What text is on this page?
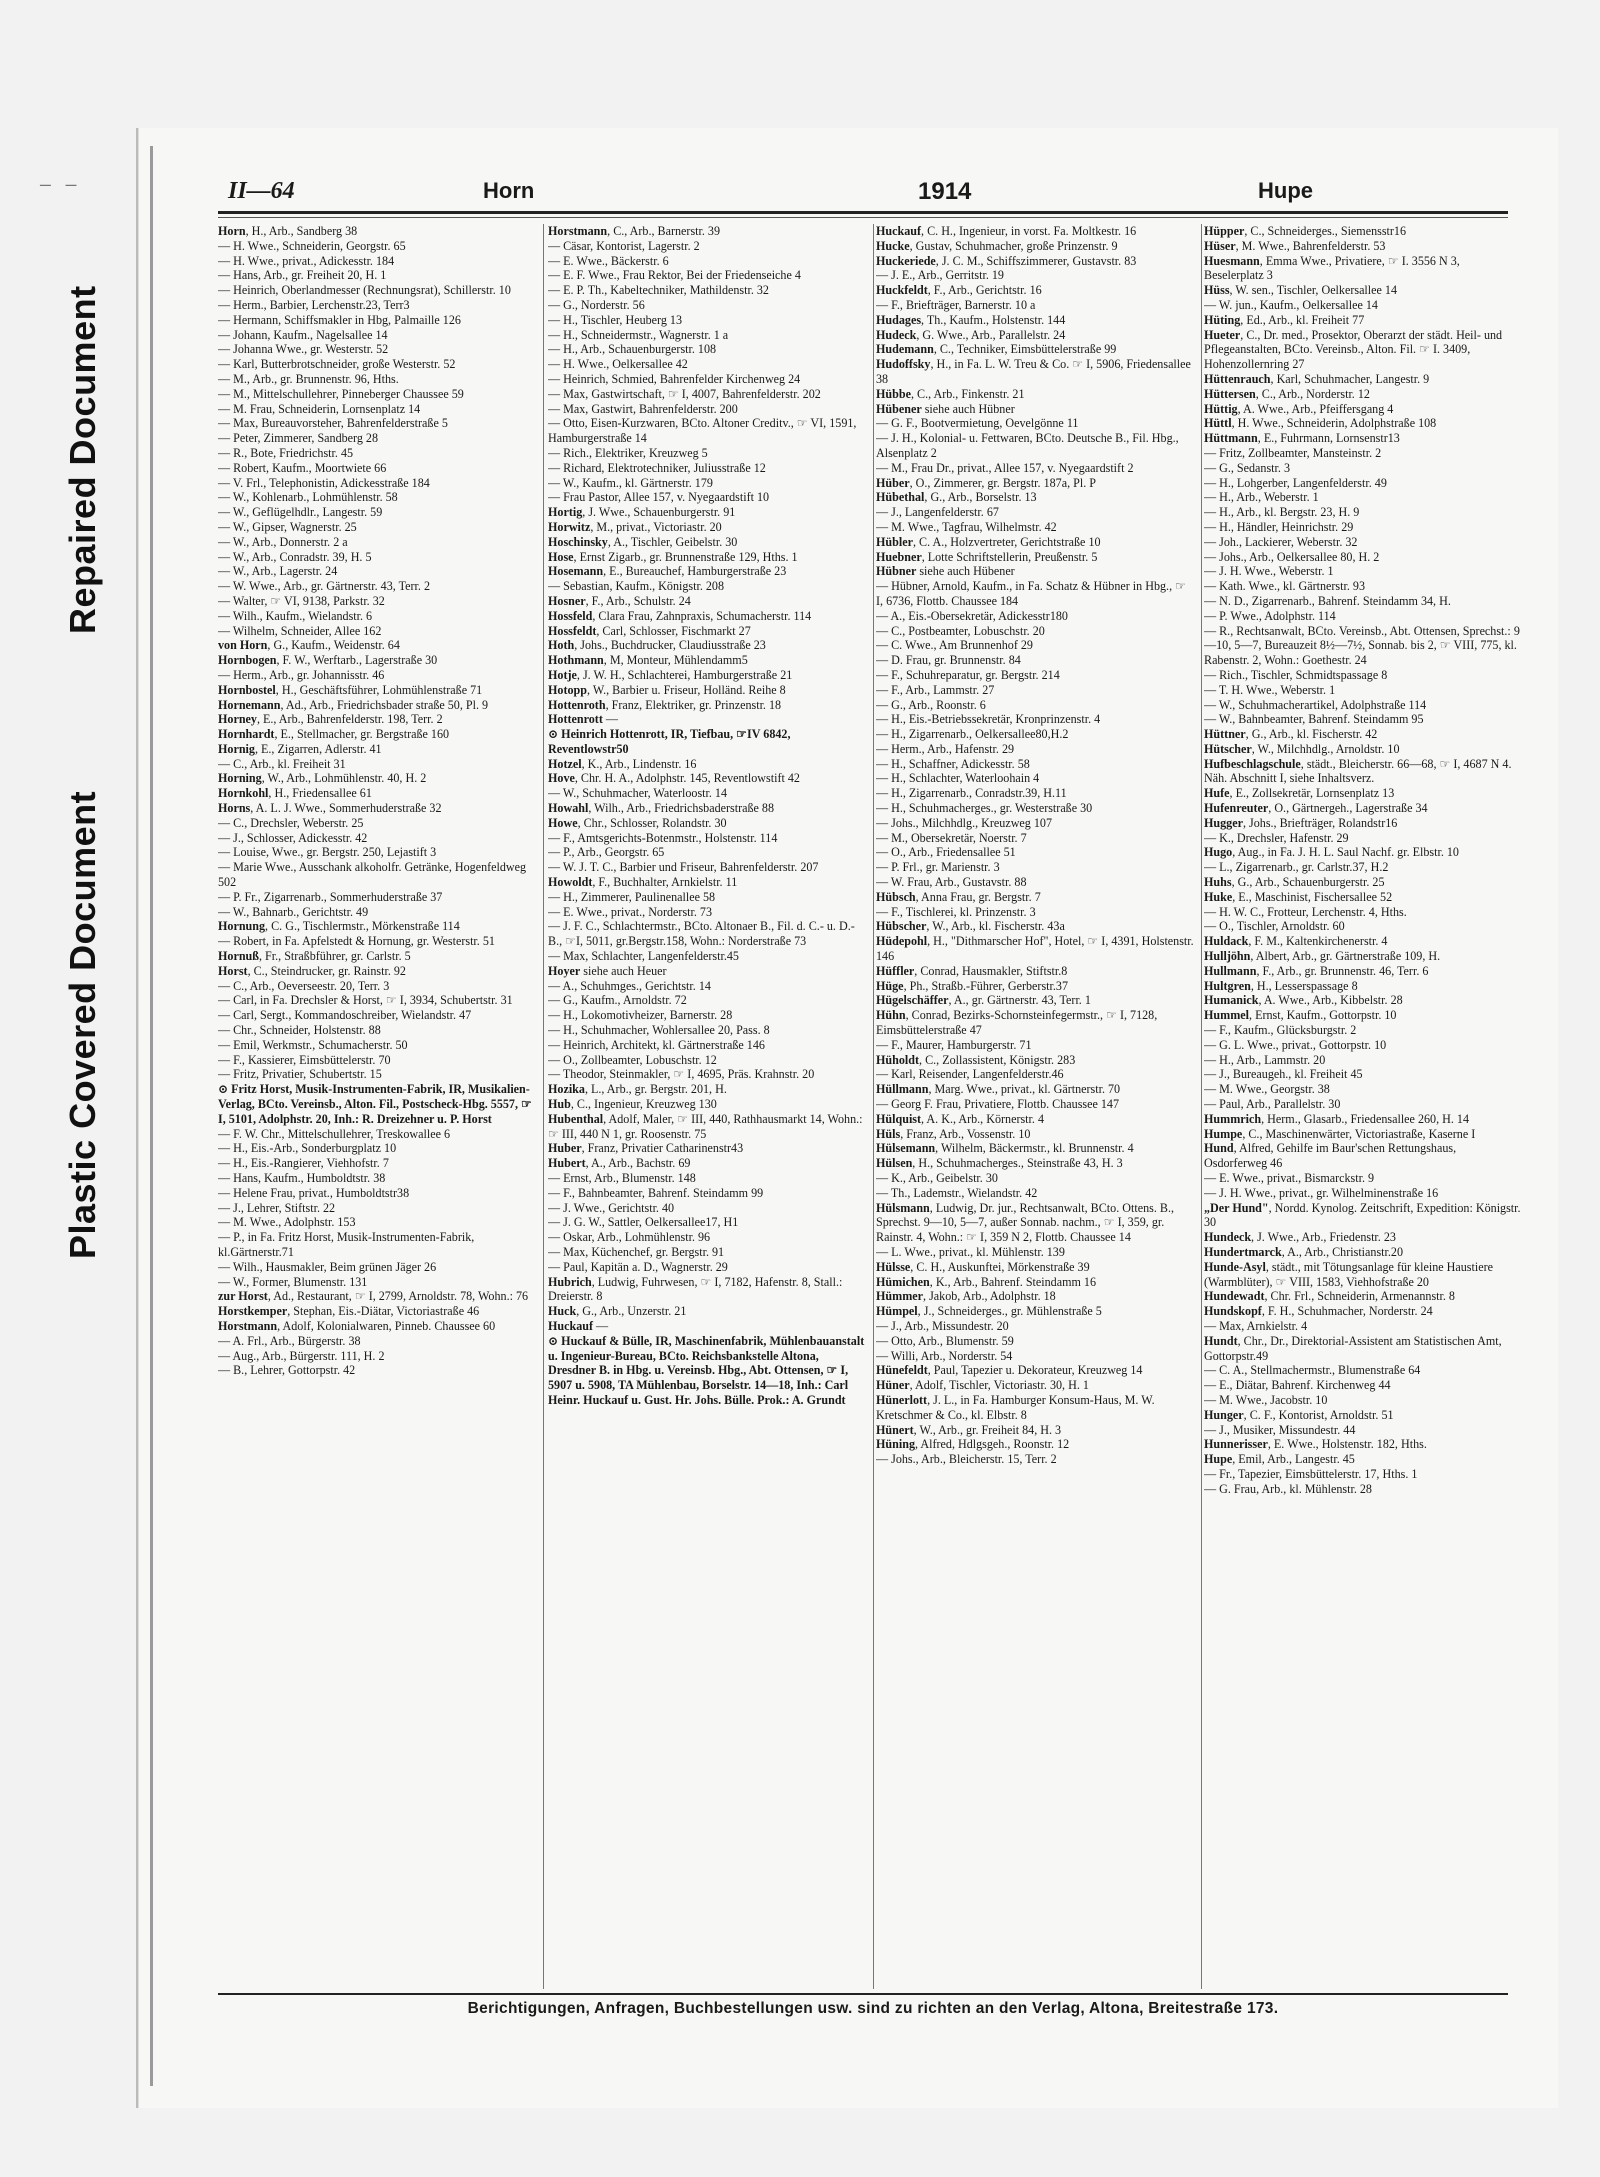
— —
Repaired Document
Plastic Covered Document
II—64	Horn	1914	Hupe
Horn, H., Arb., Sandberg 38
— H. Wwe., Schneiderin, Georgstr. 65
— H. Wwe., privat., Adickesstr. 184
— Hans, Arb., gr. Freiheit 20, H. 1
— Heinrich, Oberlandmesser (Rechnungsrat), Schillerstr. 10
— Herm., Barbier, Lerchenstr.23, Terr3
— Hermann, Schiffsmakler in Hbg, Palmaille 126
— Johann, Kaufm., Nagelsallee 14
— Johanna Wwe., gr. Westerstr. 52
— Karl, Butterbrotschneider, große Westerstr. 52
— M., Arb., gr. Brunnenstr. 96, Hths.
— M., Mittelschullehrer, Pinneberger Chaussee 59
— M. Frau, Schneiderin, Lornsenplatz 14
— Max, Bureauvorsteher, Bahrenfelderstraße 5
— Peter, Zimmerer, Sandberg 28
— R., Bote, Friedrichstr. 45
— Robert, Kaufm., Moortwiete 66
— V. Frl., Telephonistin, Adickesstraße 184
— W., Kohlenarb., Lohmühlenstr. 58
— W., Geflügelhdlr., Langestr. 59
— W., Gipser, Wagnerstr. 25
— W., Arb., Donnerstr. 2 a
— W., Arb., Conradstr. 39, H. 5
— W., Arb., Lagerstr. 24
— W. Wwe., Arb., gr. Gärtnerstr. 43, Terr. 2
— Walter, ☞ VI, 9138, Parkstr. 32
— Wilh., Kaufm., Wielandstr. 6
— Wilhelm, Schneider, Allee 162
von Horn, G., Kaufm., Weidenstr. 64
Hornbogen, F. W., Werftarb., Lagerstraße 30
— Herm., Arb., gr. Johannisstr. 46
Hornbostel, H., Geschäftsführer, Lohmühlenstraße 71
Hornemann, Ad., Arb., Friedrichsbader straße 50, Pl. 9
Horney, E., Arb., Bahrenfelderstr. 198, Terr. 2
Hornhardt, E., Stellmacher, gr. Bergstraße 160
Hornig, E., Zigarren, Adlerstr. 41
— C., Arb., kl. Freiheit 31
Horning, W., Arb., Lohmühlenstr. 40, H. 2
Hornkohl, H., Friedensallee 61
Horns, A. L. J. Wwe., Sommerhuderstraße 32
— C., Drechsler, Weberstr. 25
— J., Schlosser, Adickesstr. 42
— Louise, Wwe., gr. Bergstr. 250, Lejastift 3
— Marie Wwe., Ausschank alkoholfr. Getränke, Hogenfeldweg 502
— P. Fr., Zigarrenarb., Sommerhuderstraße 37
— W., Bahnarb., Gerichtstr. 49
Hornung, C. G., Tischlermstr., Mörkenstraße 114
— Robert, in Fa. Apfelstedt & Hornung, gr. Westerstr. 51
Hornuß, Fr., Straßbführer, gr. Carlstr. 5
Horst, C., Steindrucker, gr. Rainstr. 92
— C., Arb., Oeverseestr. 20, Terr. 3
— Carl, in Fa. Drechsler & Horst, ☞ I, 3934, Schubertstr. 31
— Carl, Sergt., Kommandoschreiber, Wielandstr. 47
— Chr., Schneider, Holstenstr. 88
— Emil, Werkmstr., Schumacherstr. 50
— F., Kassierer, Eimsbüttelerstr. 70
— Fritz, Privatier, Schubertstr. 15
⊙ Fritz Horst, Musik-Instrumenten-Fabrik, IR, Musikalien-Verlag, BCto. Vereinsb., Alton. Fil., Postscheck-Hbg. 5557, ☞ I, 5101, Adolphstr. 20, Inh.: R. Dreizehner u. P. Horst
— F. W. Chr., Mittelschullehrer, Treskowallee 6
— H., Eis.-Arb., Sonderburgplatz 10
— H., Eis.-Rangierer, Viehhofstr. 7
— Hans, Kaufm., Humboldtstr. 38
— Helene Frau, privat., Humboldtstr38
— J., Lehrer, Stiftstr. 22
— M. Wwe., Adolphstr. 153
— P., in Fa. Fritz Horst, Musik-Instrumenten-Fabrik, kl.Gärtnerstr.71
— Wilh., Hausmakler, Beim grünen Jäger 26
— W., Former, Blumenstr. 131
zur Horst, Ad., Restaurant, ☞ I, 2799, Arnoldstr. 78, Wohn.: 76
Horstkemper, Stephan, Eis.-Diätar, Victoriastraße 46
Horstmann, Adolf, Kolonialwaren, Pinneb. Chaussee 60
— A. Frl., Arb., Bürgerstr. 38
— Aug., Arb., Bürgerstr. 111, H. 2
— B., Lehrer, Gottorpstr. 42
Horstmann, C., Arb., Barnerstr. 39
— Cäsar, Kontorist, Lagerstr. 2
— E. Wwe., Bäckerstr. 6
— E. F. Wwe., Frau Rektor, Bei der Friedenseiche 4
— E. P. Th., Kabeltechniker, Mathildenstr. 32
— G., Norderstr. 56
— H., Tischler, Heuberg 13
— H., Schneidermstr., Wagnerstr. 1 a
— H., Arb., Schauenburgerstr. 108
— H. Wwe., Oelkersallee 42
— Heinrich, Schmied, Bahrenfelder Kirchenweg 24
— Max, Gastwirtschaft, ☞ I, 4007, Bahrenfelderstr. 202
— Max, Gastwirt, Bahrenfelderstr. 200
— Otto, Eisen-Kurzwaren, BCto. Altoner Creditv., ☞ VI, 1591, Hamburgerstraße 14
— Rich., Elektriker, Kreuzweg 5
— Richard, Elektrotechniker, Juliusstraße 12
— W., Kaufm., kl. Gärtnerstr. 179
— Frau Pastor, Allee 157, v. Nyegaardstift 10
Hortig, J. Wwe., Schauenburgerstr. 91
Horwitz, M., privat., Victoriastr. 20
Hoschinsky, A., Tischler, Geibelstr. 30
Hose, Ernst Zigarb., gr. Brunnenstraße 129, Hths. 1
Hosemann, E., Bureauchef, Hamburgerstraße 23
— Sebastian, Kaufm., Königstr. 208
Hosner, F., Arb., Schulstr. 24
Hossfeld, Clara Frau, Zahnpraxis, Schumacherstr. 114
Hossfeldt, Carl, Schlosser, Fischmarkt 27
Hoth, Johs., Buchdrucker, Claudiusstraße 23
Hothmann, M, Monteur, Mühlendamm5
Hotje, J. W. H., Schlachterei, Hamburgerstraße 21
Hotopp, W., Barbier u. Friseur, Holländ. Reihe 8
Hottenroth, Franz, Elektriker, gr. Prinzenstr. 18
Hottenrott —
⊙ Heinrich Hottenrott, IR, Tiefbau, ☞IV 6842, Reventlowstr50
Hotzel, K., Arb., Lindenstr. 16
Hove, Chr. H. A., Adolphstr. 145, Reventlowstift 42
— W., Schuhmacher, Waterloostr. 14
Howahl, Wilh., Arb., Friedrichsbaderstraße 88
Howe, Chr., Schlosser, Rolandstr. 30
— F., Amtsgerichts-Botenmstr., Holstenstr. 114
— P., Arb., Georgstr. 65
— W. J. T. C., Barbier und Friseur, Bahrenfelderstr. 207
Howoldt, F., Buchhalter, Arnkielstr. 11
— H., Zimmerer, Paulinenallee 58
— E. Wwe., privat., Norderstr. 73
— J. F. C., Schlachtermstr., BCto. Altonaer B., Fil. d. C.- u. D.-B., ☞I, 5011, gr.Bergstr.158, Wohn.: Norderstraße 73
— Max, Schlachter, Langenfelderstr.45
Hoyer siehe auch Heuer
— A., Schuhmges., Gerichtstr. 14
— G., Kaufm., Arnoldstr. 72
— H., Lokomotivheizer, Barnerstr. 28
— H., Schuhmacher, Wohlersallee 20, Pass. 8
— Heinrich, Architekt, kl. Gärtnerstraße 146
— O., Zollbeamter, Lobuschstr. 12
— Theodor, Steinmakler, ☞ I, 4695, Präs. Krahnstr. 20
Hozika, L., Arb., gr. Bergstr. 201, H.
Hub, C., Ingenieur, Kreuzweg 130
Hubenthal, Adolf, Maler, ☞ III, 440, Rathhausmarkt 14, Wohn.: ☞ III, 440 N 1, gr. Roosenstr. 75
Huber, Franz, Privatier Catharinenstr43
Hubert, A., Arb., Bachstr. 69
— Ernst, Arb., Blumenstr. 148
— F., Bahnbeamter, Bahrenf. Steindamm 99
— J. Wwe., Gerichtstr. 40
— J. G. W., Sattler, Oelkersallee17, H1
— Oskar, Arb., Lohmühlenstr. 96
— Max, Küchenchef, gr. Bergstr. 91
— Paul, Kapitän a. D., Wagnerstr. 29
Hubrich, Ludwig, Fuhrwesen, ☞ I, 7182, Hafenstr. 8, Stall.: Dreierstr. 8
Huck, G., Arb., Unzerstr. 21
Huckauf —
⊙ Huckauf & Bülle, IR, Maschinenfabrik, Mühlenbauanstalt u. Ingenieur-Bureau, BCto. Reichsbankstelle Altona, Dresdner B. in Hbg. u. Vereinsb. Hbg., Abt. Ottensen, ☞ I, 5907 u. 5908, TA Mühlenbau, Borselstr. 14—18, Inh.: Carl Heinr. Huckauf u. Gust. Hr. Johs. Bülle. Prok.: A. Grundt
Huckauf, C. H., Ingenieur, in vorst. Fa. Moltkestr. 16
Hucke, Gustav, Schuhmacher, große Prinzenstr. 9
Huckeriede, J. C. M., Schiffszimmerer, Gustavstr. 83
— J. E., Arb., Gerritstr. 19
Huckfeldt, F., Arb., Gerichtstr. 16
— F., Briefträger, Barnerstr. 10 a
Hudages, Th., Kaufm., Holstenstr. 144
Hudeck, G. Wwe., Arb., Parallelstr. 24
Hudemann, C., Techniker, Eimsbüttelerstraße 99
Hudoffsky, H., in Fa. L. W. Treu & Co. ☞ I, 5906, Friedensallee 38
Hübbe, C., Arb., Finkenstr. 21
Hübener siehe auch Hübner
— G. F., Bootvermietung, Oevelgönne 11
— J. H., Kolonial- u. Fettwaren, BCto. Deutsche B., Fil. Hbg., Alsenplatz 2
— M., Frau Dr., privat., Allee 157, v. Nyegaardstift 2
Hüber, O., Zimmerer, gr. Bergstr. 187a, Pl. P
Hübethal, G., Arb., Borselstr. 13
— J., Langenfelderstr. 67
— M. Wwe., Tagfrau, Wilhelmstr. 42
Hübler, C. A., Holzvertreter, Gerichtstraße 10
Huebner, Lotte Schriftstellerin, Preußenstr. 5
Hübner siehe auch Hübener
— Hübner, Arnold, Kaufm., in Fa. Schatz & Hübner in Hbg., ☞ I, 6736, Flottb. Chaussee 184
— A., Eis.-Obersekretär, Adickesstr180
— C., Postbeamter, Lobuschstr. 20
— C. Wwe., Am Brunnenhof 29
— D. Frau, gr. Brunnenstr. 84
— F., Schuhreparatur, gr. Bergstr. 214
— F., Arb., Lammstr. 27
— G., Arb., Roonstr. 6
— H., Eis.-Betriebssekretär, Kronprinzenstr. 4
— H., Zigarrenarb., Oelkersallee80,H.2
— Herm., Arb., Hafenstr. 29
— H., Schaffner, Adickesstr. 58
— H., Schlachter, Waterloohain 4
— H., Zigarrenarb., Conradstr.39, H.11
— H., Schuhmacherges., gr. Westerstraße 30
— Johs., Milchhdlg., Kreuzweg 107
— M., Obersekretär, Noerstr. 7
— O., Arb., Friedensallee 51
— P. Frl., gr. Marienstr. 3
— W. Frau, Arb., Gustavstr. 88
Hübsch, Anna Frau, gr. Bergstr. 7
— F., Tischlerei, kl. Prinzenstr. 3
Hübscher, W., Arb., kl. Fischerstr. 43a
Hüdepohl, H., "Dithmarscher Hof", Hotel, ☞ I, 4391, Holstenstr. 146
Hüffler, Conrad, Hausmakler, Stiftstr.8
Hüge, Ph., Straßb.-Führer, Gerberstr.37
Hügelschäffer, A., gr. Gärtnerstr. 43, Terr. 1
Hühn, Conrad, Bezirks-Schornsteinfegermstr., ☞ I, 7128, Eimsbüttelerstraße 47
— F., Maurer, Hamburgerstr. 71
Hüholdt, C., Zollassistent, Königstr. 283
— Karl, Reisender, Langenfelderstr.46
Hüllmann, Marg. Wwe., privat., kl. Gärtnerstr. 70
— Georg F. Frau, Privatiere, Flottb. Chaussee 147
Hülquist, A. K., Arb., Körnerstr. 4
Hüls, Franz, Arb., Vossenstr. 10
Hülsemann, Wilhelm, Bäckermstr., kl. Brunnenstr. 4
Hülsen, H., Schuhmacherges., Steinstraße 43, H. 3
— K., Arb., Geibelstr. 30
— Th., Lademstr., Wielandstr. 42
Hülsmann, Ludwig, Dr. jur., Rechtsanwalt, BCto. Ottens. B., Sprechst. 9—10, 5—7, außer Sonnab. nachm., ☞ I, 359, gr. Rainstr. 4, Wohn.: ☞ I, 359 N 2, Flottb. Chaussee 14
— L. Wwe., privat., kl. Mühlenstr. 139
Hülsse, C. H., Auskunftei, Mörkenstraße 39
Hümichen, K., Arb., Bahrenf. Steindamm 16
Hümmer, Jakob, Arb., Adolphstr. 18
Hümpel, J., Schneiderges., gr. Mühlenstraße 5
— J., Arb., Missundestr. 20
— Otto, Arb., Blumenstr. 59
— Willi, Arb., Norderstr. 54
Hünefeldt, Paul, Tapezier u. Dekorateur, Kreuzweg 14
Hüner, Adolf, Tischler, Victoriastr. 30, H. 1
Hünerlott, J. L., in Fa. Hamburger Konsum-Haus, M. W. Kretschmer & Co., kl. Elbstr. 8
Hünert, W., Arb., gr. Freiheit 84, H. 3
Hüning, Alfred, Hdlgsgeh., Roonstr. 12
— Johs., Arb., Bleicherstr. 15, Terr. 2
Hüpper, C., Schneiderges., Siemensstr16
Hüser, M. Wwe., Bahrenfelderstr. 53
Huesmann, Emma Wwe., Privatiere, ☞ I. 3556 N 3, Beselerplatz 3
Hüss, W. sen., Tischler, Oelkersallee 14
— W. jun., Kaufm., Oelkersallee 14
Hüting, Ed., Arb., kl. Freiheit 77
Hueter, C., Dr. med., Prosektor, Oberarzt der städt. Heil- und Pflegeanstalten, BCto. Vereinsb., Alton. Fil. ☞ I. 3409, Hohenzollernring 27
Hüttenrauch, Karl, Schuhmacher, Langestr. 9
Hüttersen, C., Arb., Norderstr. 12
Hüttig, A. Wwe., Arb., Pfeiffersgang 4
Hüttl, H. Wwe., Schneiderin, Adolphstraße 108
Hüttmann, E., Fuhrmann, Lornsenstr13
— Fritz, Zollbeamter, Mansteinstr. 2
— G., Sedanstr. 3
— H., Lohgerber, Langenfelderstr. 49
— H., Arb., Weberstr. 1
— H., Arb., kl. Bergstr. 23, H. 9
— H., Händler, Heinrichstr. 29
— Joh., Lackierer, Weberstr. 32
— Johs., Arb., Oelkersallee 80, H. 2
— J. H. Wwe., Weberstr. 1
— Kath. Wwe., kl. Gärtnerstr. 93
— N. D., Zigarrenarb., Bahrenf. Steindamm 34, H.
— P. Wwe., Adolphstr. 114
— R., Rechtsanwalt, BCto. Vereinsb., Abt. Ottensen, Sprechst.: 9—10, 5—7, Bureauzeit 8½—7½, Sonnab. bis 2, ☞ VIII, 775, kl. Rabenstr. 2, Wohn.: Goethestr. 24
— Rich., Tischler, Schmidtspassage 8
— T. H. Wwe., Weberstr. 1
— W., Schuhmacherartikel, Adolphstraße 114
— W., Bahnbeamter, Bahrenf. Steindamm 95
Hüttner, G., Arb., kl. Fischerstr. 42
Hütscher, W., Milchhdlg., Arnoldstr. 10
Hufbeschlagschule, städt., Bleicherstr. 66—68, ☞ I, 4687 N 4. Näh. Abschnitt I, siehe Inhaltsverz.
Hufe, E., Zollsekretär, Lornsenplatz 13
Hufenreuter, O., Gärtnergeh., Lagerstraße 34
Hugger, Johs., Briefträger, Rolandstr16
— K., Drechsler, Hafenstr. 29
Hugo, Aug., in Fa. J. H. L. Saul Nachf. gr. Elbstr. 10
— L., Zigarrenarb., gr. Carlstr.37, H.2
Huhs, G., Arb., Schauenburgerstr. 25
Huke, E., Maschinist, Fischersallee 52
— H. W. C., Frotteur, Lerchenstr. 4, Hths.
— O., Tischler, Arnoldstr. 60
Huldack, F. M., Kaltenkirchenerstr. 4
Hulljöhn, Albert, Arb., gr. Gärtnerstraße 109, H.
Hullmann, F., Arb., gr. Brunnenstr. 46, Terr. 6
Hultgren, H., Lesserspassage 8
Humanick, A. Wwe., Arb., Kibbelstr. 28
Hummel, Ernst, Kaufm., Gottorpstr. 10
— F., Kaufm., Glücksburgstr. 2
— G. L. Wwe., privat., Gottorpstr. 10
— H., Arb., Lammstr. 20
— J., Bureaugeh., kl. Freiheit 45
— M. Wwe., Georgstr. 38
— Paul, Arb., Parallelstr. 30
Hummrich, Herm., Glasarb., Friedensallee 260, H. 14
Humpe, C., Maschinenwärter, Victoriastraße, Kaserne I
Hund, Alfred, Gehilfe im Baur'schen Rettungshaus, Osdorferweg 46
— E. Wwe., privat., Bismarckstr. 9
— J. H. Wwe., privat., gr. Wilhelminenstraße 16
„Der Hund", Nordd. Kynolog. Zeitschrift, Expedition: Königstr. 30
Hundeck, J. Wwe., Arb., Friedenstr. 23
Hundertmarck, A., Arb., Christianstr.20
Hunde-Asyl, städt., mit Tötungsanlage für kleine Haustiere (Warmblüter), ☞ VIII, 1583, Viehhofstraße 20
Hundewadt, Chr. Frl., Schneiderin, Armenannstr. 8
Hundskopf, F. H., Schuhmacher, Norderstr. 24
— Max, Arnkielstr. 4
Hundt, Chr., Dr., Direktorial-Assistent am Statistischen Amt, Gottorpstr.49
— C. A., Stellmachermstr., Blumenstraße 64
— E., Diätar, Bahrenf. Kirchenweg 44
— M. Wwe., Jacobstr. 10
Hunger, C. F., Kontorist, Arnoldstr. 51
— J., Musiker, Missundestr. 44
Hunnerisser, E. Wwe., Holstenstr. 182, Hths.
Hupe, Emil, Arb., Langestr. 45
— Fr., Tapezier, Eimsbüttelerstr. 17, Hths. 1
— G. Frau, Arb., kl. Mühlenstr. 28
Berichtigungen, Anfragen, Buchbestellungen usw. sind zu richten an den Verlag, Altona, Breitestraße 173.
